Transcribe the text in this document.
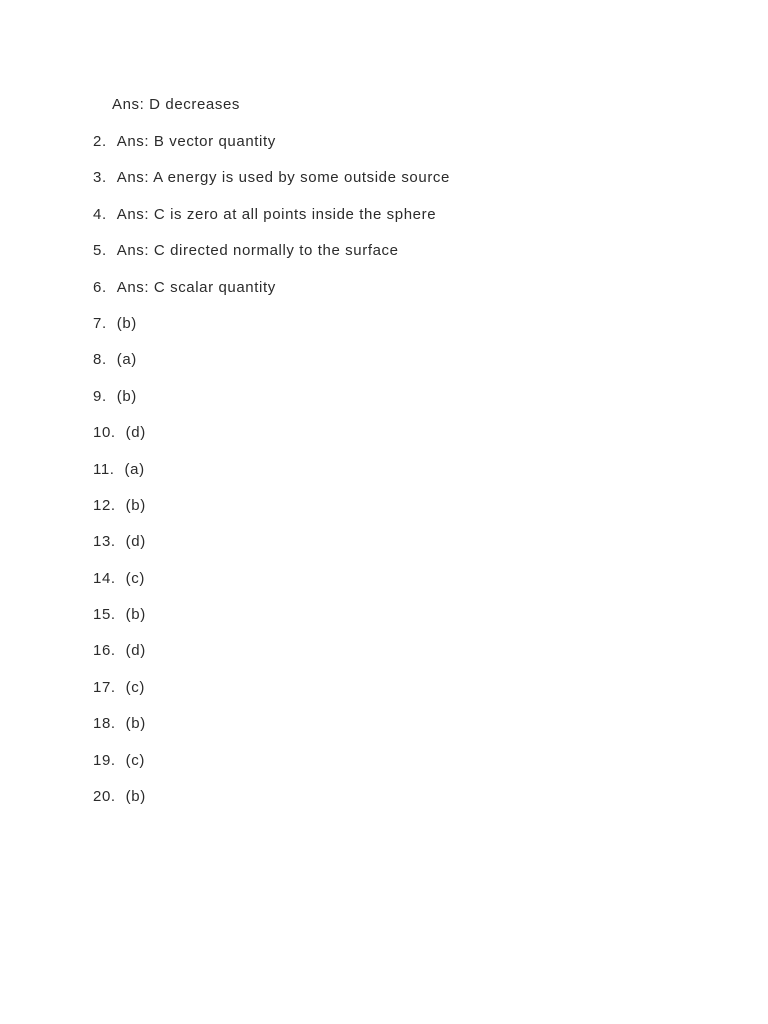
Ans: D decreases
2. Ans: B vector quantity
3. Ans: A energy is used by some outside source
4. Ans: C is zero at all points inside the sphere
5. Ans: C directed normally to the surface
6. Ans: C scalar quantity
7. (b)
8. (a)
9. (b)
10. (d)
11. (a)
12. (b)
13. (d)
14. (c)
15. (b)
16. (d)
17. (c)
18. (b)
19. (c)
20. (b)
